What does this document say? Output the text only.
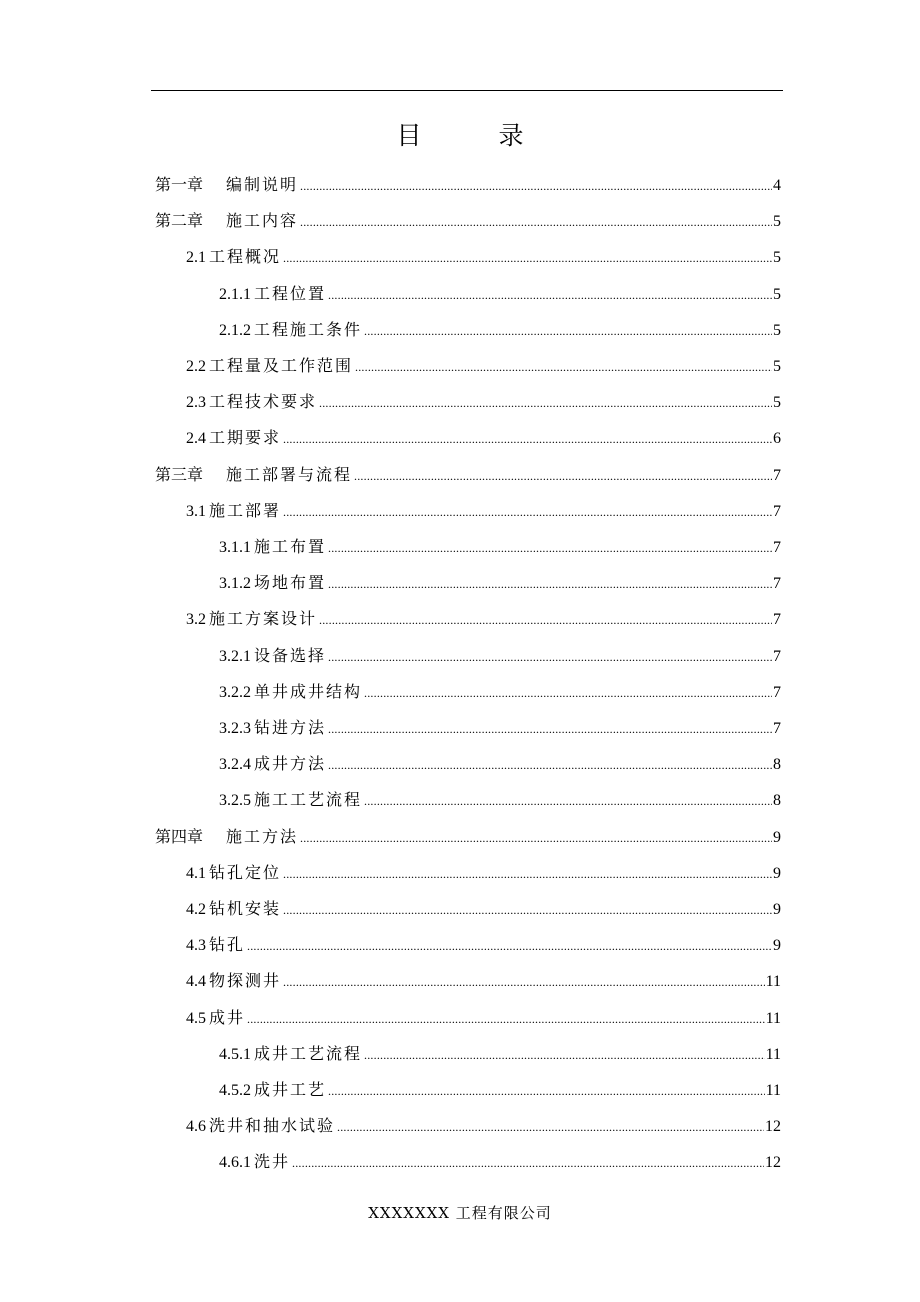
目　录
第一章 编制说明 .....	4
第二章 施工内容 .....	5
2.1 工程概况 .....	5
2.1.1 工程位置 .....	5
2.1.2 工程施工条件 .....	5
2.2 工程量及工作范围 .....	5
2.3 工程技术要求 .....	5
2.4 工期要求 .....	6
第三章 施工部署与流程 .....	7
3.1 施工部署 .....	7
3.1.1 施工布置 .....	7
3.1.2 场地布置 .....	7
3.2 施工方案设计 .....	7
3.2.1 设备选择 .....	7
3.2.2 单井成井结构 .....	7
3.2.3 钻进方法 .....	7
3.2.4 成井方法 .....	8
3.2.5 施工工艺流程 .....	8
第四章 施工方法 .....	9
4.1 钻孔定位 .....	9
4.2 钻机安装 .....	9
4.3 钻孔 .....	9
4.4 物探测井 .....	11
4.5 成井 .....	11
4.5.1 成井工艺流程 .....	11
4.5.2 成井工艺 .....	11
4.6 洗井和抽水试验 .....	12
4.6.1 洗井 .....	12
XXXXXXX 工程有限公司
